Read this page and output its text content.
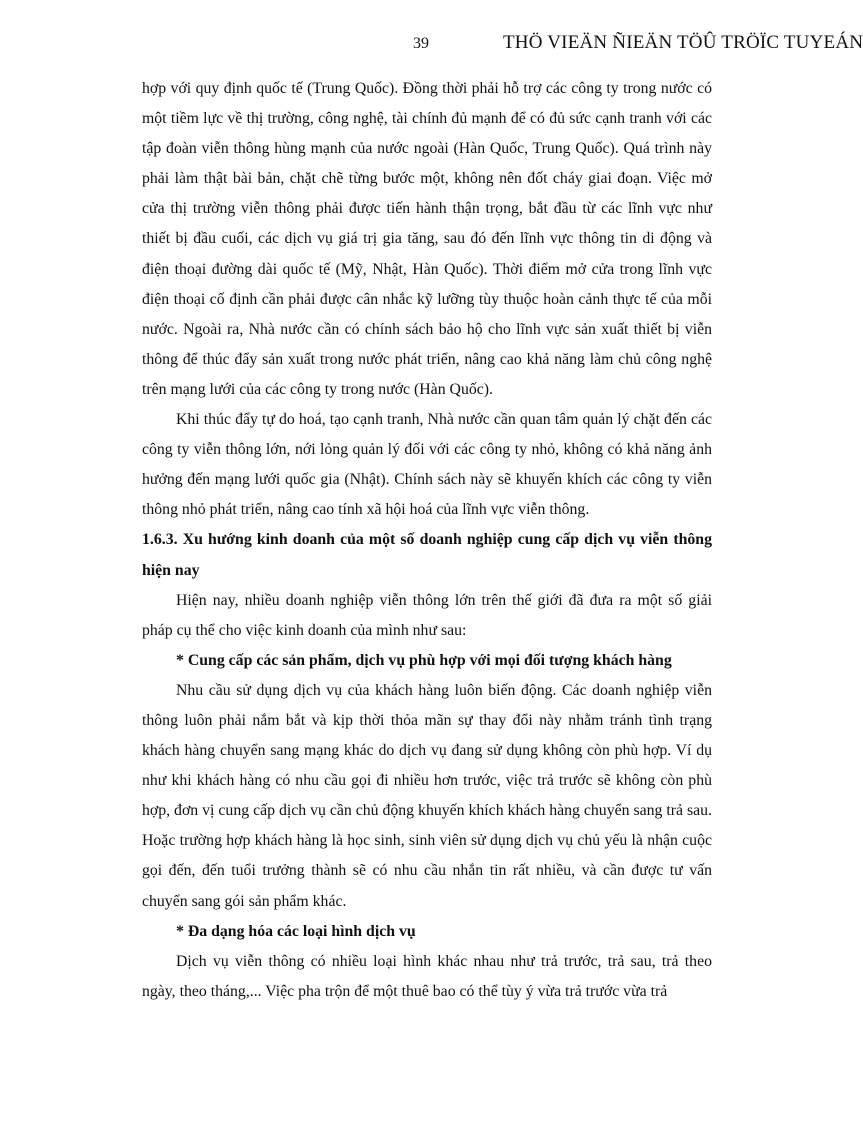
39	THÖ VIEÄN ÑIEÄN TÖÛ TRÖÏC TUYEÁN

hợp với quy định quốc tế (Trung Quốc). Đồng thời phải hỗ trợ các công ty trong nước có một tiềm lực về thị trường, công nghệ, tài chính đủ mạnh để có đủ sức cạnh tranh với các tập đoàn viễn thông hùng mạnh của nước ngoài (Hàn Quốc, Trung Quốc). Quá trình này phải làm thật bài bản, chặt chẽ từng bước một, không nên đốt cháy giai đoạn. Việc mở cửa thị trường viễn thông phải được tiến hành thận trọng, bắt đầu từ các lĩnh vực như thiết bị đầu cuối, các dịch vụ giá trị gia tăng, sau đó đến lĩnh vực thông tin di động và điện thoại đường dài quốc tế (Mỹ, Nhật, Hàn Quốc). Thời điểm mở cửa trong lĩnh vực điện thoại cố định cần phải được cân nhắc kỹ lưỡng tùy thuộc hoàn cảnh thực tế của mỗi nước. Ngoài ra, Nhà nước cần có chính sách bảo hộ cho lĩnh vực sản xuất thiết bị viễn thông để thúc đẩy sản xuất trong nước phát triển, nâng cao khả năng làm chủ công nghệ trên mạng lưới của các công ty trong nước (Hàn Quốc).

Khi thúc đẩy tự do hoá, tạo cạnh tranh, Nhà nước cần quan tâm quản lý chặt đến các công ty viễn thông lớn, nới lỏng quản lý đối với các công ty nhỏ, không có khả năng ảnh hưởng đến mạng lưới quốc gia (Nhật). Chính sách này sẽ khuyến khích các công ty viễn thông nhỏ phát triển, nâng cao tính xã hội hoá của lĩnh vực viễn thông.

1.6.3. Xu hướng kinh doanh của một số doanh nghiệp cung cấp dịch vụ viễn thông hiện nay

Hiện nay, nhiều doanh nghiệp viễn thông lớn trên thế giới đã đưa ra một số giải pháp cụ thể cho việc kinh doanh của mình như sau:

* Cung cấp các sản phẩm, dịch vụ phù hợp với mọi đối tượng khách hàng

Nhu cầu sử dụng dịch vụ của khách hàng luôn biến động. Các doanh nghiệp viễn thông luôn phải nắm bắt và kịp thời thỏa mãn sự thay đổi này nhằm tránh tình trạng khách hàng chuyển sang mạng khác do dịch vụ đang sử dụng không còn phù hợp. Ví dụ như khi khách hàng có nhu cầu gọi đi nhiều hơn trước, việc trả trước sẽ không còn phù hợp, đơn vị cung cấp dịch vụ cần chủ động khuyến khích khách hàng chuyển sang trả sau. Hoặc trường hợp khách hàng là học sinh, sinh viên sử dụng dịch vụ chủ yếu là nhận cuộc gọi đến, đến tuổi trưởng thành sẽ có nhu cầu nhắn tin rất nhiều, và cần được tư vấn chuyển sang gói sản phẩm khác.

* Đa dạng hóa các loại hình dịch vụ

Dịch vụ viễn thông có nhiều loại hình khác nhau như trả trước, trả sau, trả theo ngày, theo tháng,... Việc pha trộn để một thuê bao có thể tùy ý vừa trả trước vừa trả
